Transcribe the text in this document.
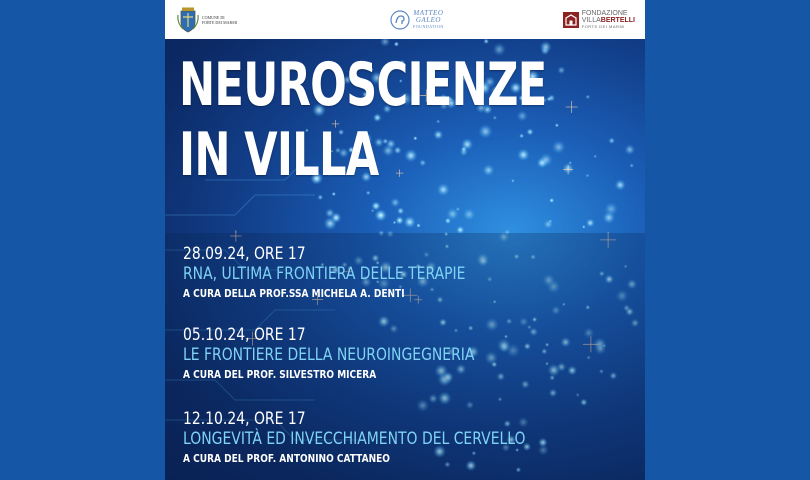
COMUNE DI
FORTE DEI MARMI
MATTEO
GALEO
FOUNDATION
FONDAZIONE
VILLABERTELLI
FORTE DEI MARMI
NEUROSCIENZE
IN VILLA
28.09.24, ORE 17
RNA, ULTIMA FRONTIERA DELLE TERAPIE
A CURA DELLA PROF.SSA MICHELA A. DENTI
05.10.24, ORE 17
LE FRONTIERE DELLA NEUROINGEGNERIA
A CURA DEL PROF. SILVESTRO MICERA
12.10.24, ORE 17
LONGEVITÀ ED INVECCHIAMENTO DEL CERVELLO
A CURA DEL PROF. ANTONINO CATTANEO
